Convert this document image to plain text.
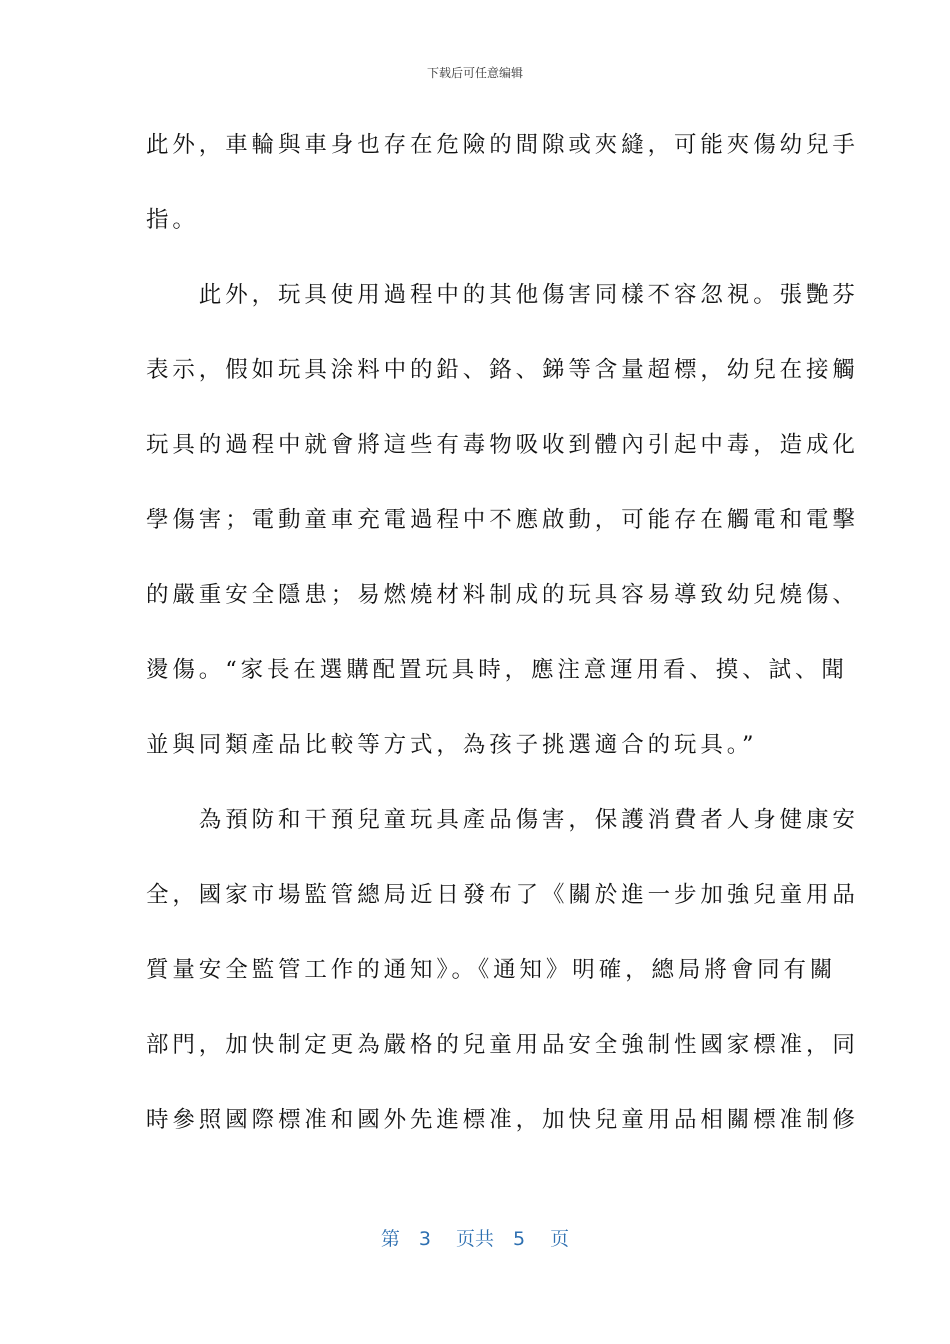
下载后可任意编辑
此外，車輪與車身也存在危險的間隙或夾縫，可能夾傷幼兒手
指。
　　此外，玩具使用過程中的其他傷害同樣不容忽視。張艷芬
表示，假如玩具涂料中的鉛、鉻、銻等含量超標，幼兒在接觸
玩具的過程中就會將這些有毒物吸收到體內引起中毒，造成化
學傷害；電動童車充電過程中不應啟動，可能存在觸電和電擊
的嚴重安全隱患；易燃燒材料制成的玩具容易導致幼兒燒傷、
燙傷。“家長在選購配置玩具時，應注意運用看、摸、試、聞
並與同類產品比較等方式，為孩子挑選適合的玩具。”
　　為預防和干預兒童玩具產品傷害，保護消費者人身健康安
全，國家市場監管總局近日發布了《關於進一步加強兒童用品
質量安全監管工作的通知》。《通知》明確，總局將會同有關
部門，加快制定更為嚴格的兒童用品安全強制性國家標准，同
時參照國際標准和國外先進標准，加快兒童用品相關標准制修
第　3　 页共　5　 页
